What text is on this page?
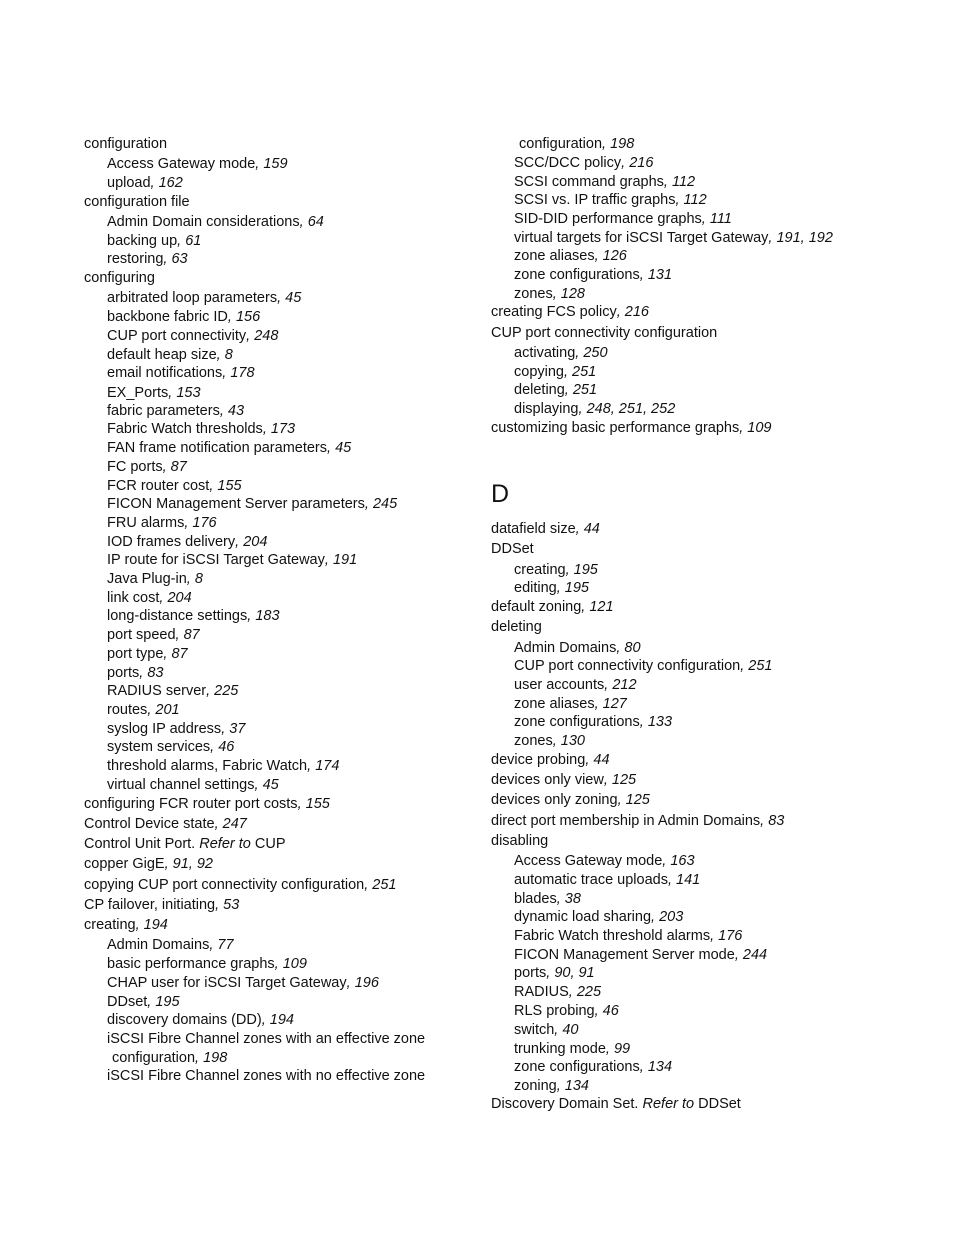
configuration
Access Gateway mode, 159
upload, 162
configuration file
Admin Domain considerations, 64
backing up, 61
restoring, 63
configuring
arbitrated loop parameters, 45
backbone fabric ID, 156
CUP port connectivity, 248
default heap size, 8
email notifications, 178
EX_Ports, 153
fabric parameters, 43
Fabric Watch thresholds, 173
FAN frame notification parameters, 45
FC ports, 87
FCR router cost, 155
FICON Management Server parameters, 245
FRU alarms, 176
IOD frames delivery, 204
IP route for iSCSI Target Gateway, 191
Java Plug-in, 8
link cost, 204
long-distance settings, 183
port speed, 87
port type, 87
ports, 83
RADIUS server, 225
routes, 201
syslog IP address, 37
system services, 46
threshold alarms, Fabric Watch, 174
virtual channel settings, 45
configuring FCR router port costs, 155
Control Device state, 247
Control Unit Port. Refer to CUP
copper GigE, 91, 92
copying CUP port connectivity configuration, 251
CP failover, initiating, 53
creating, 194
Admin Domains, 77
basic performance graphs, 109
CHAP user for iSCSI Target Gateway, 196
DDset, 195
discovery domains (DD), 194
iSCSI Fibre Channel zones with an effective zone
configuration, 198
iSCSI Fibre Channel zones with no effective zone
configuration, 198
SCC/DCC policy, 216
SCSI command graphs, 112
SCSI vs. IP traffic graphs, 112
SID-DID performance graphs, 111
virtual targets for iSCSI Target Gateway, 191, 192
zone aliases, 126
zone configurations, 131
zones, 128
creating FCS policy, 216
CUP port connectivity configuration
activating, 250
copying, 251
deleting, 251
displaying, 248, 251, 252
customizing basic performance graphs, 109
D
datafield size, 44
DDSet
creating, 195
editing, 195
default zoning, 121
deleting
Admin Domains, 80
CUP port connectivity configuration, 251
user accounts, 212
zone aliases, 127
zone configurations, 133
zones, 130
device probing, 44
devices only view, 125
devices only zoning, 125
direct port membership in Admin Domains, 83
disabling
Access Gateway mode, 163
automatic trace uploads, 141
blades, 38
dynamic load sharing, 203
Fabric Watch threshold alarms, 176
FICON Management Server mode, 244
ports, 90, 91
RADIUS, 225
RLS probing, 46
switch, 40
trunking mode, 99
zone configurations, 134
zoning, 134
Discovery Domain Set. Refer to DDSet
